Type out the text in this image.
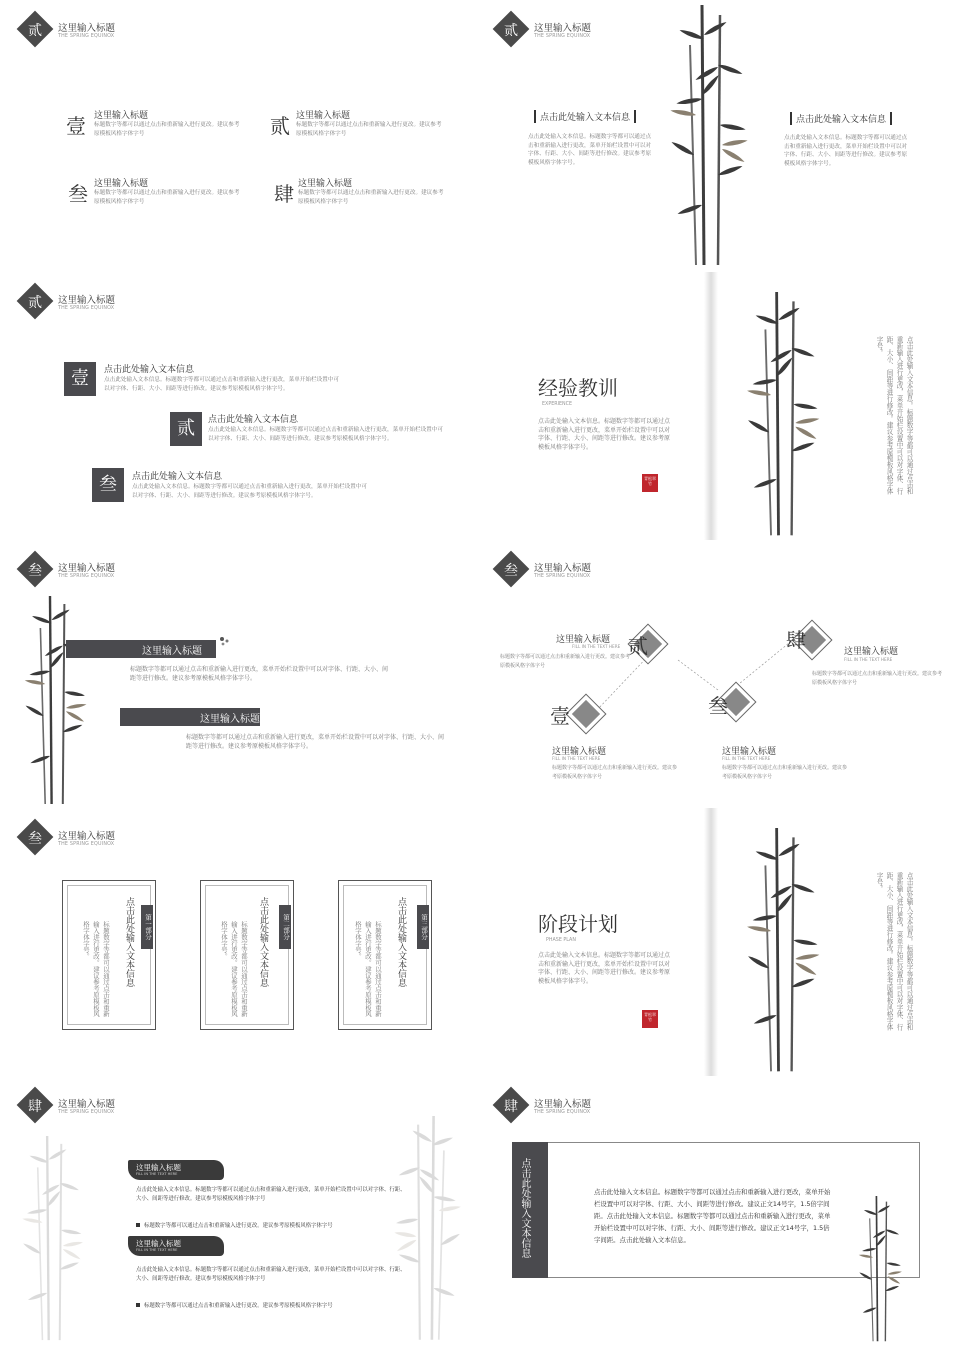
贰	这里输入标题
THE SPRING EQUINOX
壹 这里输入标题
标题数字等都可以通过点击和重新输入进行更改。建议参考原模板风格字体字号	贰 这里输入标题
标题数字等都可以通过点击和重新输入进行更改。建议参考原模板风格字体字号
叁 这里输入标题
标题数字等都可以通过点击和重新输入进行更改。建议参考原模板风格字体字号	肆 这里输入标题
标题数字等都可以通过点击和重新输入进行更改。建议参考原模板风格字体字号
贰	这里输入标题
THE SPRING EQUINOX
点击此处输入文本信息
点击此处输入文本信息。标题数字等都可以通过点击和重新输入进行更改，菜单开始栏设置中可以对字体、行距、大小、间距等进行修改。建议参考原模板风格字体字号。
点击此处输入文本信息
点击此处输入文本信息。标题数字等都可以通过点击和重新输入进行更改，菜单开始栏设置中可以对字体、行距、大小、间距等进行修改。建议参考原模板风格字体字号。
贰	这里输入标题
THE SPRING EQUINOX
壹	点击此处输入文本信息
点击此处输入文本信息。标题数字等都可以通过点击和重新输入进行更改，菜单开始栏设置中可以对字体、行距、大小、间距等进行修改。建议参考原模板风格字体字号。
贰	点击此处输入文本信息
点击此处输入文本信息。标题数字等都可以通过点击和重新输入进行更改，菜单开始栏设置中可以对字体、行距、大小、间距等进行修改。建议参考原模板风格字体字号。
叁	点击此处输入文本信息
点击此处输入文本信息。标题数字等都可以通过点击和重新输入进行更改，菜单开始栏设置中可以对字体、行距、大小、间距等进行修改。建议参考原模板风格字体字号。
经验教训
EXPERIENCE
点击此处输入文本信息。标题数字等都可以通过点击和重新输入进行更改，菜单开始栏设置中可以对字体、行距、大小、间距等进行修改。建议参考原模板风格字体字号。
青松翠竹	点击此处输入文本信息。标题数字等都可以通过点击和重新输入进行更改，菜单开始栏设置中可以对字体、行距、大小、间距等进行修改。建议参考原模板风格字体字号。
叁	这里输入标题
THE SPRING EQUINOX
这里输入标题
标题数字等都可以通过点击和重新输入进行更改，菜单开始栏设置中可以对字体、行距、大小、间距等进行修改。建议参考原模板风格字体字号。
这里输入标题
标题数字等都可以通过点击和重新输入进行更改，菜单开始栏设置中可以对字体、行距、大小、间距等进行修改。建议参考原模板风格字体字号。
叁	这里输入标题
THE SPRING EQUINOX
贰
这里输入标题
FILL IN THE TEXT HERE
标题数字等都可以通过点击和重新输入进行更改。建议参考原模板风格字体字号
肆	这里输入标题
FILL IN THE TEXT HERE
标题数字等都可以通过点击和重新输入进行更改。建议参考原模板风格字体字号
壹
这里输入标题
FILL IN THE TEXT HERE
标题数字等都可以通过点击和重新输入进行更改。建议参考原模板风格字体字号
叁
这里输入标题
FILL IN THE TEXT HERE
标题数字等都可以通过点击和重新输入进行更改。建议参考原模板风格字体字号
叁	这里输入标题
THE SPRING EQUINOX
第一部分
点击此处输入文本信息
标题数字等都可以通过点击和重新输入进行更改。建议参考原模板风格字体字号。	第二部分
点击此处输入文本信息
标题数字等都可以通过点击和重新输入进行更改。建议参考原模板风格字体字号。	第三部分
点击此处输入文本信息
标题数字等都可以通过点击和重新输入进行更改。建议参考原模板风格字体字号。	阶段计划
PHASE PLAN
点击此处输入文本信息。标题数字等都可以通过点击和重新输入进行更改，菜单开始栏设置中可以对字体、行距、大小、间距等进行修改。建议参考原模板风格字体字号。
青松翠竹	点击此处输入文本信息。标题数字等都可以通过点击和重新输入进行更改，菜单开始栏设置中可以对字体、行距、大小、间距等进行修改。建议参考原模板风格字体字号。
肆	这里输入标题
THE SPRING EQUINOX
这里输入标题
FILL IN THE TEXT HERE
点击此处输入文本信息。标题数字等都可以通过点击和重新输入进行更改，菜单开始栏设置中可以对字体、行距、大小、间距等进行修改。建议参考原模板风格字体字号
标题数字等都可以通过点击和重新输入进行更改。建议参考原模板风格字体字号
这里输入标题
FILL IN THE TEXT HERE
点击此处输入文本信息。标题数字等都可以通过点击和重新输入进行更改，菜单开始栏设置中可以对字体、行距、大小、间距等进行修改。建议参考原模板风格字体字号
标题数字等都可以通过点击和重新输入进行更改。建议参考原模板风格字体字号
肆	这里输入标题
THE SPRING EQUINOX
点击此处输入文本信息	点击此处输入文本信息。标题数字等都可以通过点击和重新输入进行更改，菜单开始栏设置中可以对字体、行距、大小、间距等进行修改。建议正文14号字，1.5倍字间距。点击此处输入文本信息。标题数字等都可以通过点击和重新输入进行更改，菜单开始栏设置中可以对字体、行距、大小、间距等进行修改。建议正文14号字，1.5倍字间距。点击此处输入文本信息。
